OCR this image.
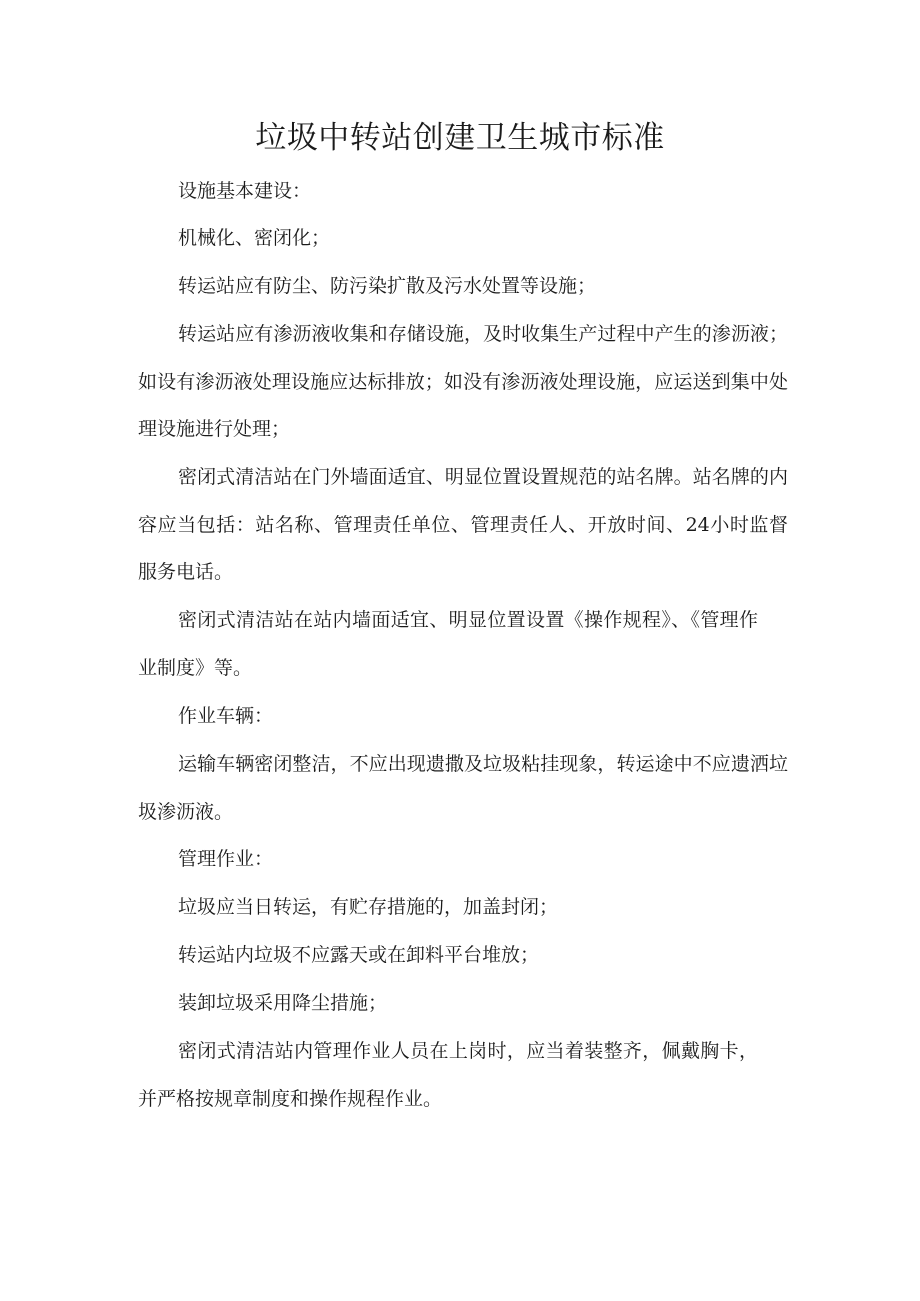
垃圾中转站创建卫生城市标准

设施基本建设：

机械化、密闭化；

转运站应有防尘、防污染扩散及污水处置等设施；

转运站应有渗沥液收集和存储设施，及时收集生产过程中产生的渗沥液；如设有渗沥液处理设施应达标排放；如没有渗沥液处理设施，应运送到集中处理设施进行处理；

密闭式清洁站在门外墙面适宜、明显位置设置规范的站名牌。站名牌的内容应当包括：站名称、管理责任单位、管理责任人、开放时间、24小时监督服务电话。

密闭式清洁站在站内墙面适宜、明显位置设置《操作规程》、《管理作业制度》等。

作业车辆：

运输车辆密闭整洁，不应出现遗撒及垃圾粘挂现象，转运途中不应遗洒垃圾渗沥液。

管理作业：

垃圾应当日转运，有贮存措施的，加盖封闭；

转运站内垃圾不应露天或在卸料平台堆放；

装卸垃圾采用降尘措施；

密闭式清洁站内管理作业人员在上岗时，应当着装整齐，佩戴胸卡，并严格按规章制度和操作规程作业。
